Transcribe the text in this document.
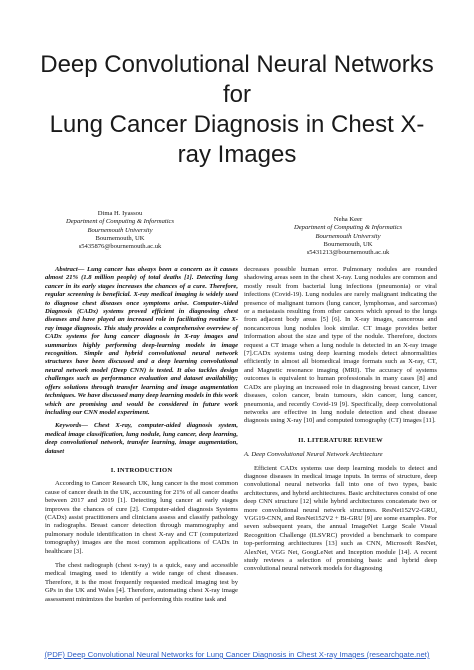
Deep Convolutional Neural Networks
for
Lung Cancer Diagnosis in Chest X-
ray Images
Dima H. Iyassou
Department of Computing & Informatics
Bournemouth University
Bournemouth, UK
s5435876@bournemouth.ac.uk
Neha Keer
Department of Computing & Informatics
Bournemouth University
Bournemouth, UK
s5431213@bournemouth.ac.uk

Abstract— Lung cancer has always been a concern as it causes almost 21% (1.8 million people) of total deaths [1]. Detecting lung cancer in its early stages increases the chances of a cure. Therefore, regular screening is beneficial. X-ray medical imaging is widely used to diagnose chest diseases once symptoms arise. Computer-Aided Diagnosis (CADx) systems proved efficient in diagnosing chest diseases and have played an increased role in facilitating routine X-ray image diagnosis. This study provides a comprehensive overview of CADx systems for lung cancer diagnosis in X-ray images and summarizes highly performing deep-learning models in image recognition. Simple and hybrid convolutional neural network structures have been discussed and a deep learning convolutional neural network model (Deep CNN) is tested. It also tackles design challenges such as performance evaluation and dataset availability; offers solutions through transfer learning and image augmentation techniques. We have discussed many deep learning models in this work which are promising and would be considered in future work including our CNN model experiment.

Keywords— Chest X-ray, computer-aided diagnosis system, medical image classification, lung nodule, lung cancer, deep learning, deep convolutional network, transfer learning, image augmentation, dataset

I. INTRODUCTION

According to Cancer Research UK, lung cancer is the most common cause of cancer death in the UK, accounting for 21% of all cancer deaths between 2017 and 2019 [1]. Detecting lung cancer at early stages improves the chances of cure [2]. Computer-aided diagnosis Systems (CADx) assist practitioners and clinicians assess and classify pathology in radiographs. Breast cancer detection through mammography and pulmonary nodule identification in chest X-ray and CT (computerized tomography) images are the most common applications of CADx in healthcare [3].

The chest radiograph (chest x-ray) is a quick, easy and accessible medical imaging used to identify a wide range of chest diseases. Therefore, it is the most frequently requested medical imaging test by GPs in the UK and Wales [4]. Therefore, automating chest X-ray image assessment minimizes the burden of performing this routine task and

decreases possible human error. Pulmonary nodules are rounded shadowing areas seen in the chest X-ray. Lung nodules are common and mostly result from bacterial lung infections (pneumonia) or viral infections (Covid-19). Lung nodules are rarely malignant indicating the presence of malignant tumors (lung cancer, lymphomas, and sarcomas) or a metastasis resulting from other cancers which spread to the lungs from adjacent body areas [5] [6]. In X-ray images, cancerous and noncancerous lung nodules look similar. CT image provides better information about the size and type of the nodule. Therefore, doctors request a CT image when a lung nodule is detected in an X-ray image [7].CADx systems using deep learning models detect abnormalities efficiently in almost all biomedical image formats such as X-ray, CT, and Magnetic resonance imaging (MRI). The accuracy of systems outcomes is equivalent to human professionals in many cases [8] and CADx are playing an increased role in diagnosing breast cancer, Liver diseases, colon cancer, brain tumours, skin cancer, lung cancer, pneumonia, and recently Covid-19 [9]. Specifically, deep convolutional networks are effective in lung nodule detection and chest disease diagnosis using X-ray [10] and computed tomography (CT) images [11].

II. LITERATURE REVIEW

A. Deep Convolutional Neural Network Architecture

Efficient CADx systems use deep learning models to detect and diagnose diseases in medical image inputs. In terms of structure, deep convolutional neural networks fall into one of two types, basic architectures, and hybrid architectures. Basic architectures consist of one deep CNN structure [12] while hybrid architectures concatenate two or more convolutional neural network structures. ResNet152V2-GRU, VGG19-CNN, and ResNet152V2 + Bi-GRU [9] are some examples. For seven subsequent years, the annual ImageNet Large Scale Visual Recognition Challenge (ILSVRC) provided a benchmark to compare top-performing architectures [13] such as CNN, Microsoft ResNet, AlexNet, VGG Net, GoogLeNet and Inception module [14]. A recent study reviews a selection of promising basic and hybrid deep convolutional neural network models for diagnosing

(PDF) Deep Convolutional Neural Networks for Lung Cancer Diagnosis in Chest X-ray Images (researchgate.net)
